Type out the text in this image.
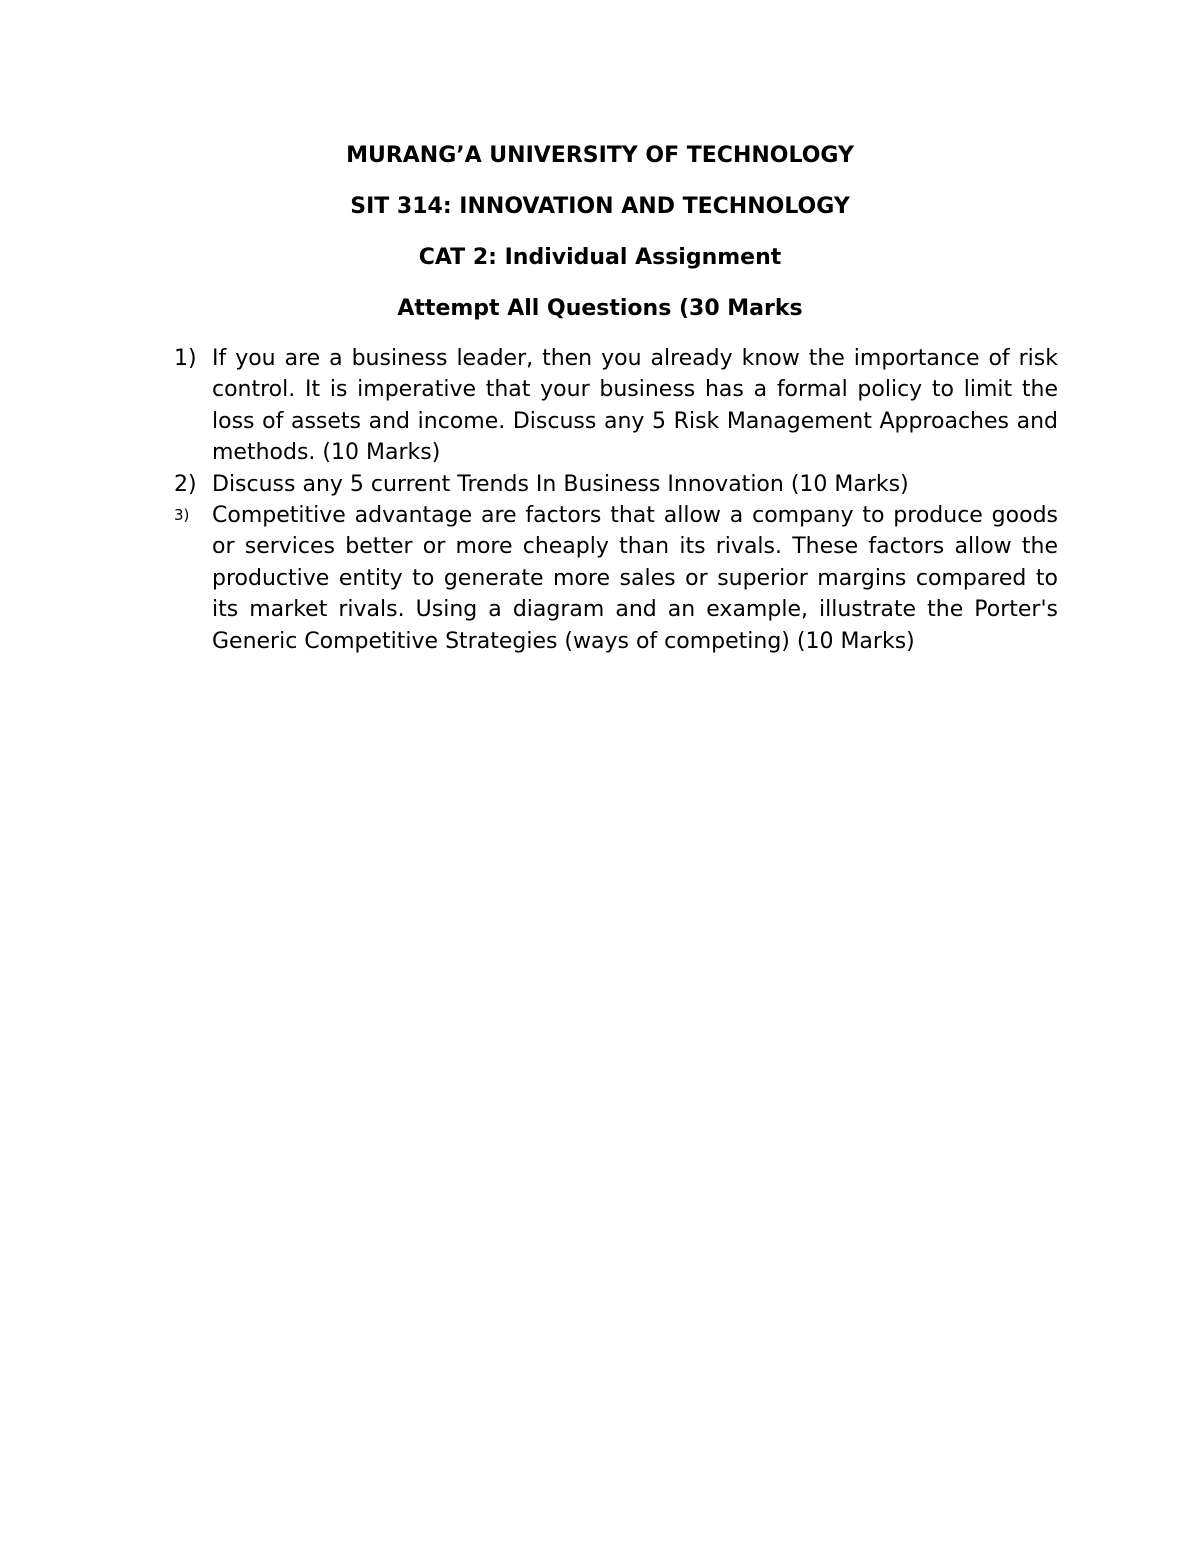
MURANG’A UNIVERSITY OF TECHNOLOGY

SIT 314: INNOVATION AND TECHNOLOGY

CAT 2: Individual Assignment

Attempt All Questions (30 Marks

1) If you are a business leader, then you already know the importance of risk control. It is imperative that your business has a formal policy to limit the loss of assets and income. Discuss any 5 Risk Management Approaches and methods. (10 Marks)
2) Discuss any 5 current Trends In Business Innovation (10 Marks)
3)	Competitive advantage are factors that allow a company to produce goods or services better or more cheaply than its rivals. These factors allow the productive entity to generate more sales or superior margins compared to its market rivals. Using a diagram and an example, illustrate the Porter's Generic Competitive Strategies (ways of competing) (10 Marks)
